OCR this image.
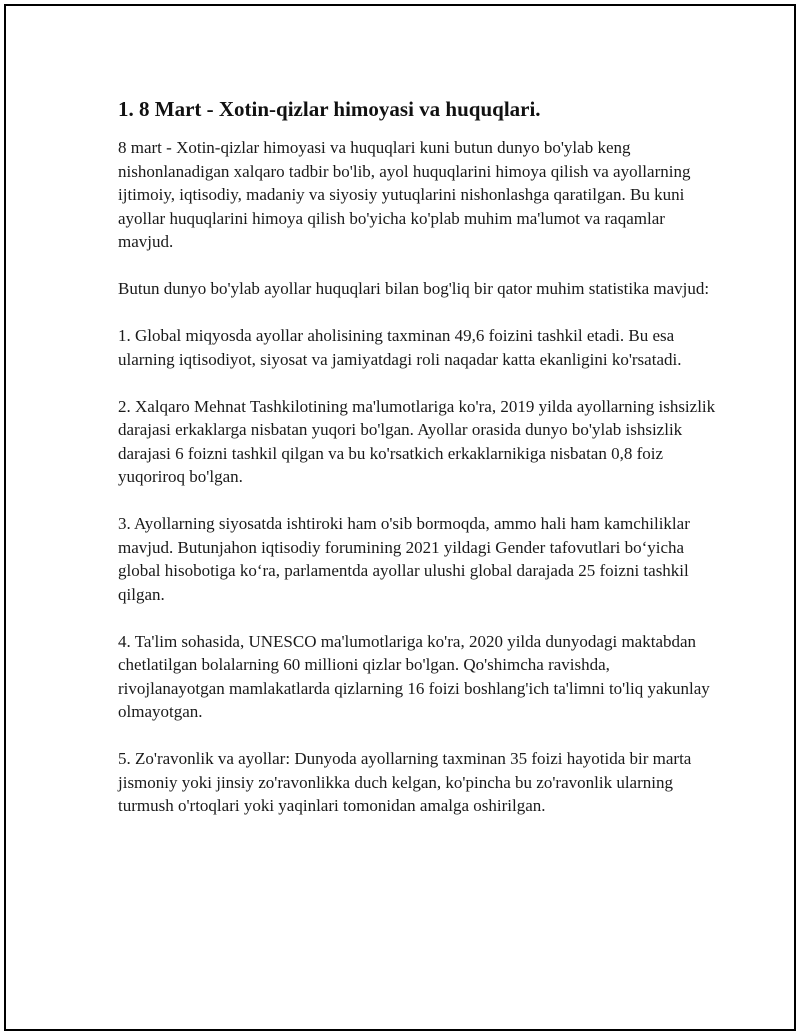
1. 8 Mart - Xotin-qizlar himoyasi va huquqlari.

8 mart - Xotin-qizlar himoyasi va huquqlari kuni butun dunyo bo'ylab keng nishonlanadigan xalqaro tadbir bo'lib, ayol huquqlarini himoya qilish va ayollarning ijtimoiy, iqtisodiy, madaniy va siyosiy yutuqlarini nishonlashga qaratilgan. Bu kuni ayollar huquqlarini himoya qilish bo'yicha ko'plab muhim ma'lumot va raqamlar mavjud.

Butun dunyo bo'ylab ayollar huquqlari bilan bog'liq bir qator muhim statistika mavjud:

1. Global miqyosda ayollar aholisining taxminan 49,6 foizini tashkil etadi. Bu esa ularning iqtisodiyot, siyosat va jamiyatdagi roli naqadar katta ekanligini ko'rsatadi.

2. Xalqaro Mehnat Tashkilotining ma'lumotlariga ko'ra, 2019 yilda ayollarning ishsizlik darajasi erkaklarga nisbatan yuqori bo'lgan. Ayollar orasida dunyo bo'ylab ishsizlik darajasi 6 foizni tashkil qilgan va bu ko'rsatkich erkaklarnikiga nisbatan 0,8 foiz yuqoriroq bo'lgan.

3. Ayollarning siyosatda ishtiroki ham o'sib bormoqda, ammo hali ham kamchiliklar mavjud. Butunjahon iqtisodiy forumining 2021 yildagi Gender tafovutlari bo‘yicha global hisobotiga ko‘ra, parlamentda ayollar ulushi global darajada 25 foizni tashkil qilgan.

4. Ta'lim sohasida, UNESCO ma'lumotlariga ko'ra, 2020 yilda dunyodagi maktabdan chetlatilgan bolalarning 60 millioni qizlar bo'lgan. Qo'shimcha ravishda, rivojlanayotgan mamlakatlarda qizlarning 16 foizi boshlang'ich ta'limni to'liq yakunlay olmayotgan.

5. Zo'ravonlik va ayollar: Dunyoda ayollarning taxminan 35 foizi hayotida bir marta jismoniy yoki jinsiy zo'ravonlikka duch kelgan, ko'pincha bu zo'ravonlik ularning turmush o'rtoqlari yoki yaqinlari tomonidan amalga oshirilgan.
